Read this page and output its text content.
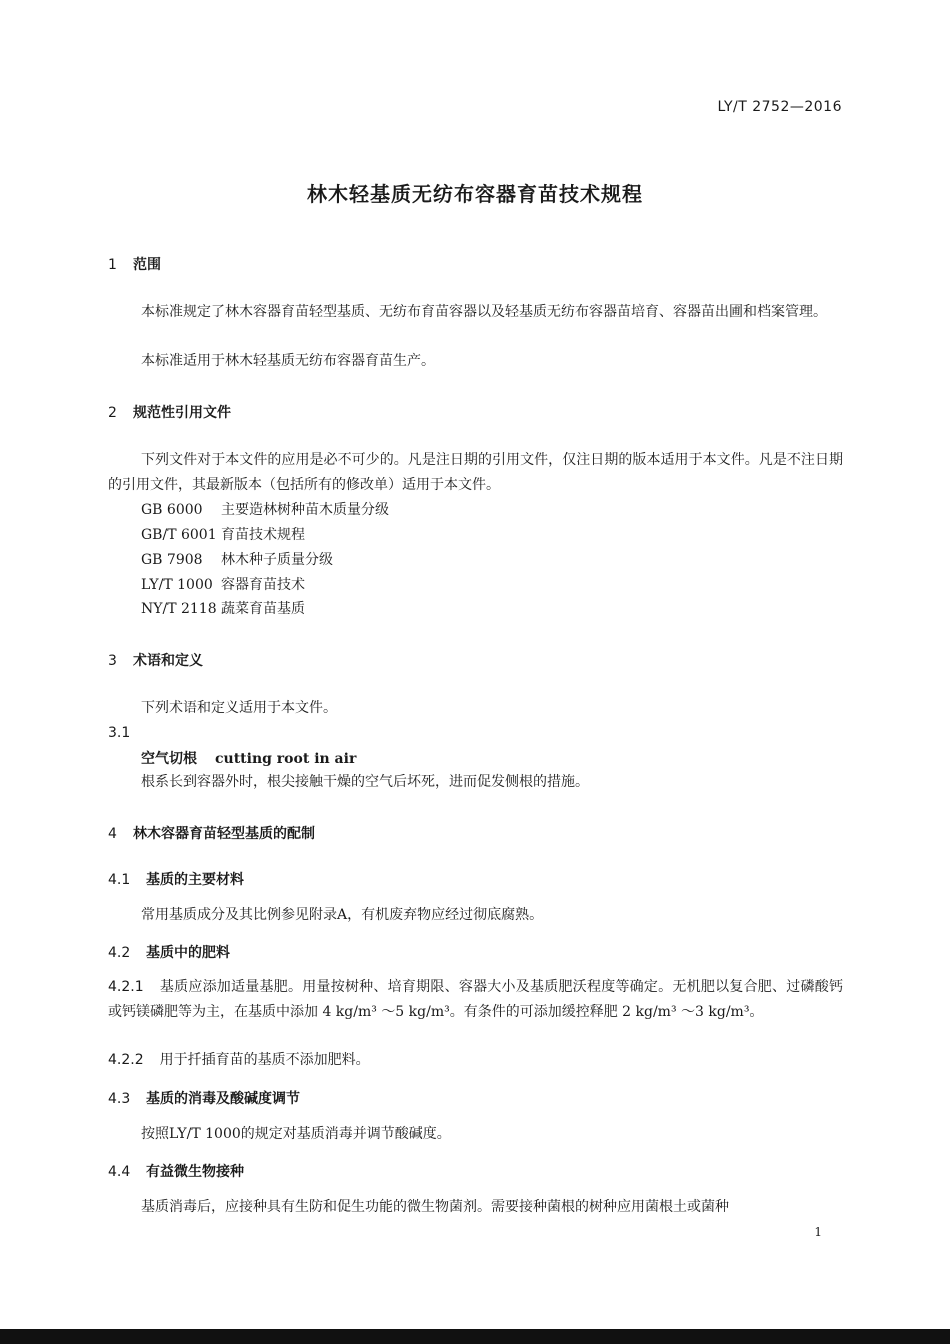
LY/T 2752—2016
林木轻基质无纺布容器育苗技术规程
1 范围
本标准规定了林木容器育苗轻型基质、无纺布育苗容器以及轻基质无纺布容器苗培育、容器苗出圃和档案管理。
本标准适用于林木轻基质无纺布容器育苗生产。
2 规范性引用文件
下列文件对于本文件的应用是必不可少的。凡是注日期的引用文件，仅注日期的版本适用于本文件。凡是不注日期的引用文件，其最新版本（包括所有的修改单）适用于本文件。
GB 6000 主要造林树种苗木质量分级
GB/T 6001 育苗技术规程
GB 7908 林木种子质量分级
LY/T 1000 容器育苗技术
NY/T 2118 蔬菜育苗基质
3 术语和定义
下列术语和定义适用于本文件。
3.1
空气切根 cutting root in air
根系长到容器外时，根尖接触干燥的空气后坏死，进而促发侧根的措施。
4 林木容器育苗轻型基质的配制
4.1 基质的主要材料
常用基质成分及其比例参见附录A，有机废弃物应经过彻底腐熟。
4.2 基质中的肥料
4.2.1 基质应添加适量基肥。用量按树种、培育期限、容器大小及基质肥沃程度等确定。无机肥以复合肥、过磷酸钙或钙镁磷肥等为主，在基质中添加 4 kg/m³ ～5 kg/m³。有条件的可添加缓控释肥 2 kg/m³ ～3 kg/m³。
4.2.2 用于扦插育苗的基质不添加肥料。
4.3 基质的消毒及酸碱度调节
按照LY/T 1000的规定对基质消毒并调节酸碱度。
4.4 有益微生物接种
基质消毒后，应接种具有生防和促生功能的微生物菌剂。需要接种菌根的树种应用菌根土或菌种
1
